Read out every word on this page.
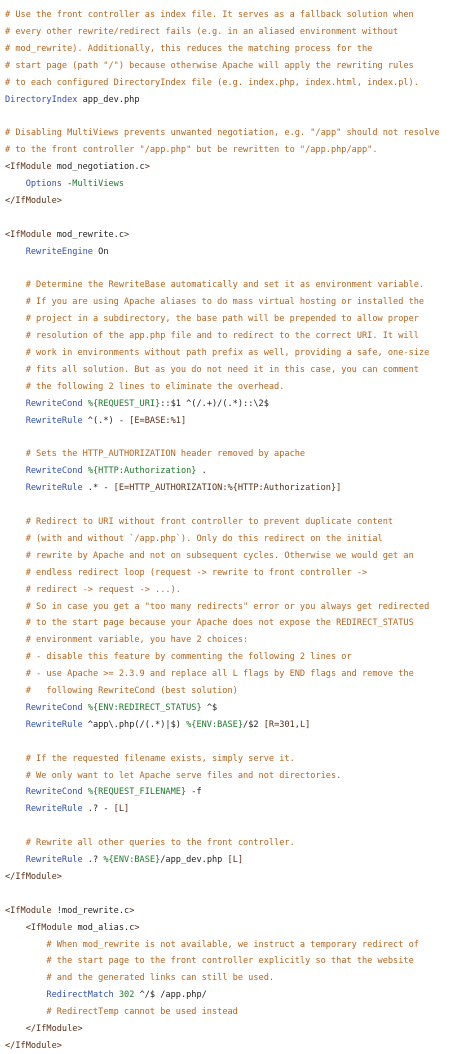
# Use the front controller as index file. It serves as a fallback solution when
# every other rewrite/redirect fails (e.g. in an aliased environment without
# mod_rewrite). Additionally, this reduces the matching process for the
# start page (path "/") because otherwise Apache will apply the rewriting rules
# to each configured DirectoryIndex file (e.g. index.php, index.html, index.pl).
DirectoryIndex app_dev.php
# Disabling MultiViews prevents unwanted negotiation, e.g. "/app" should not resolve
# to the front controller "/app.php" but be rewritten to "/app.php/app".
<IfModule mod_negotiation.c>
Options -MultiViews
</IfModule>
<IfModule mod_rewrite.c>
RewriteEngine On
# Determine the RewriteBase automatically and set it as environment variable.
# If you are using Apache aliases to do mass virtual hosting or installed the
# project in a subdirectory, the base path will be prepended to allow proper
# resolution of the app.php file and to redirect to the correct URI. It will
# work in environments without path prefix as well, providing a safe, one-size
# fits all solution. But as you do not need it in this case, you can comment
# the following 2 lines to eliminate the overhead.
RewriteCond %{REQUEST_URI}::$1 ^(/.+)/(.*)::\2$
RewriteRule ^(.*) - [E=BASE:%1]
# Sets the HTTP_AUTHORIZATION header removed by apache
RewriteCond %{HTTP:Authorization} .
RewriteRule .* - [E=HTTP_AUTHORIZATION:%{HTTP:Authorization}]
# Redirect to URI without front controller to prevent duplicate content
# (with and without `/app.php`). Only do this redirect on the initial
# rewrite by Apache and not on subsequent cycles. Otherwise we would get an
# endless redirect loop (request -> rewrite to front controller ->
# redirect -> request -> ...).
# So in case you get a "too many redirects" error or you always get redirected
# to the start page because your Apache does not expose the REDIRECT_STATUS
# environment variable, you have 2 choices:
# - disable this feature by commenting the following 2 lines or
# - use Apache >= 2.3.9 and replace all L flags by END flags and remove the
#   following RewriteCond (best solution)
RewriteCond %{ENV:REDIRECT_STATUS} ^$
RewriteRule ^app\.php(/(.*)|$) %{ENV:BASE}/$2 [R=301,L]
# If the requested filename exists, simply serve it.
# We only want to let Apache serve files and not directories.
RewriteCond %{REQUEST_FILENAME} -f
RewriteRule .? - [L]
# Rewrite all other queries to the front controller.
RewriteRule .? %{ENV:BASE}/app_dev.php [L]
</IfModule>
<IfModule !mod_rewrite.c>
<IfModule mod_alias.c>
# When mod_rewrite is not available, we instruct a temporary redirect of
# the start page to the front controller explicitly so that the website
# and the generated links can still be used.
RedirectMatch 302 ^/$ /app.php/
# RedirectTemp cannot be used instead
</IfModule>
</IfModule>
